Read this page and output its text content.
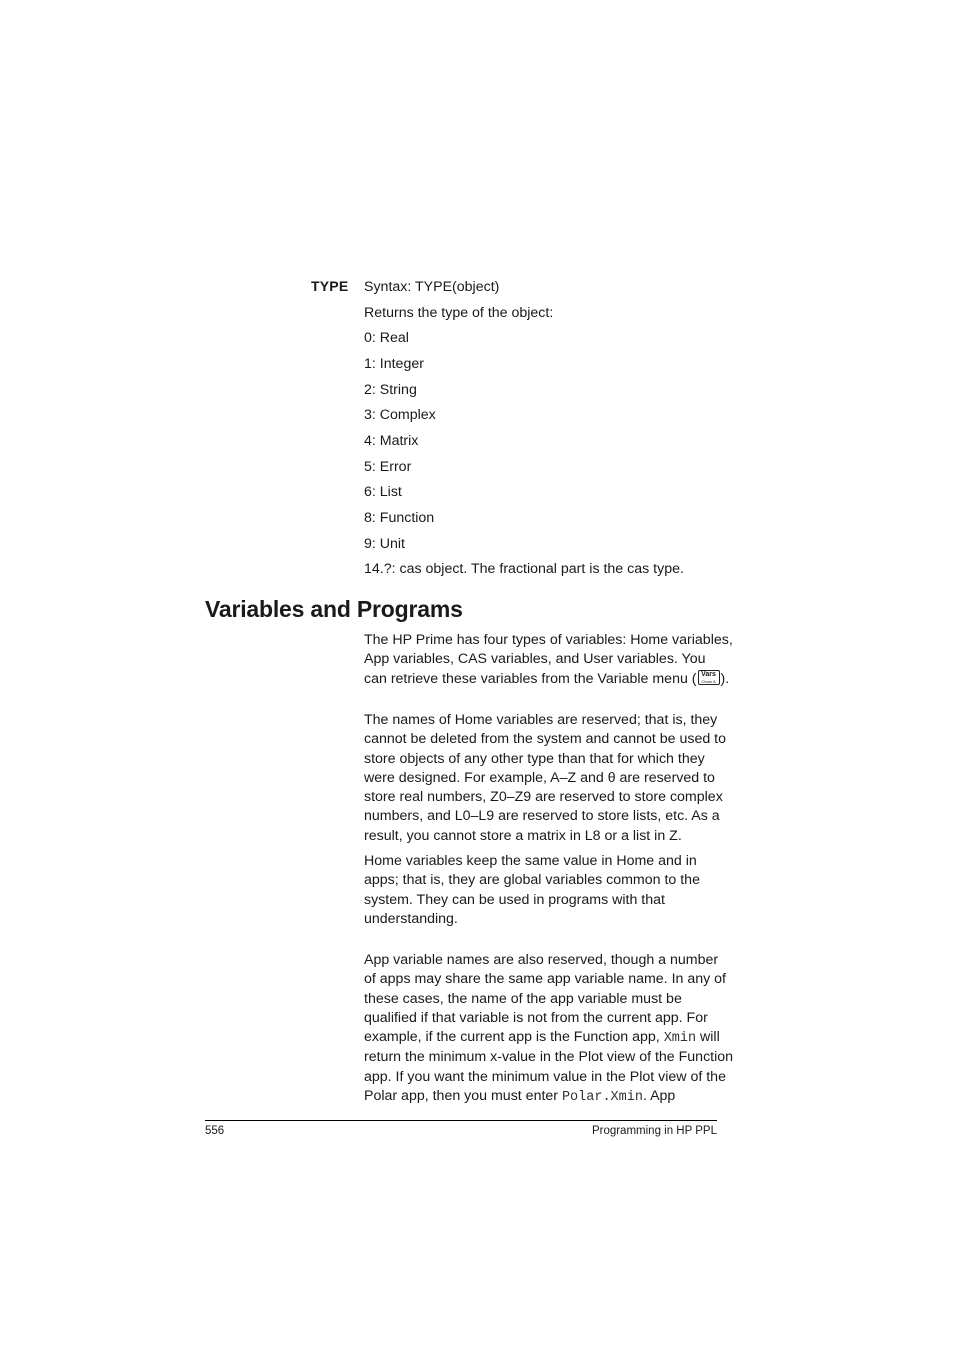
TYPE Syntax: TYPE(object)
Returns the type of the object:
0: Real
1: Integer
2: String
3: Complex
4: Matrix
5: Error
6: List
8: Function
9: Unit
14.?: cas object. The fractional part is the cas type.
Variables and Programs
The HP Prime has four types of variables: Home variables,
App variables, CAS variables, and User variables. You
can retrieve these variables from the Variable menu ( Vars
Chars A ).
The names of Home variables are reserved; that is, they
cannot be deleted from the system and cannot be used to
store objects of any other type than that for which they
were designed. For example, A–Z and θ are reserved to
store real numbers, Z0–Z9 are reserved to store complex
numbers, and L0–L9 are reserved to store lists, etc. As a
result, you cannot store a matrix in L8 or a list in Z.
Home variables keep the same value in Home and in
apps; that is, they are global variables common to the
system. They can be used in programs with that
understanding.
App variable names are also reserved, though a number
of apps may share the same app variable name. In any of
these cases, the name of the app variable must be
qualified if that variable is not from the current app. For
example, if the current app is the Function app, Xmin will
return the minimum x-value in the Plot view of the Function
app. If you want the minimum value in the Plot view of the
Polar app, then you must enter Polar.Xmin. App
556	Programming in HP PPL
